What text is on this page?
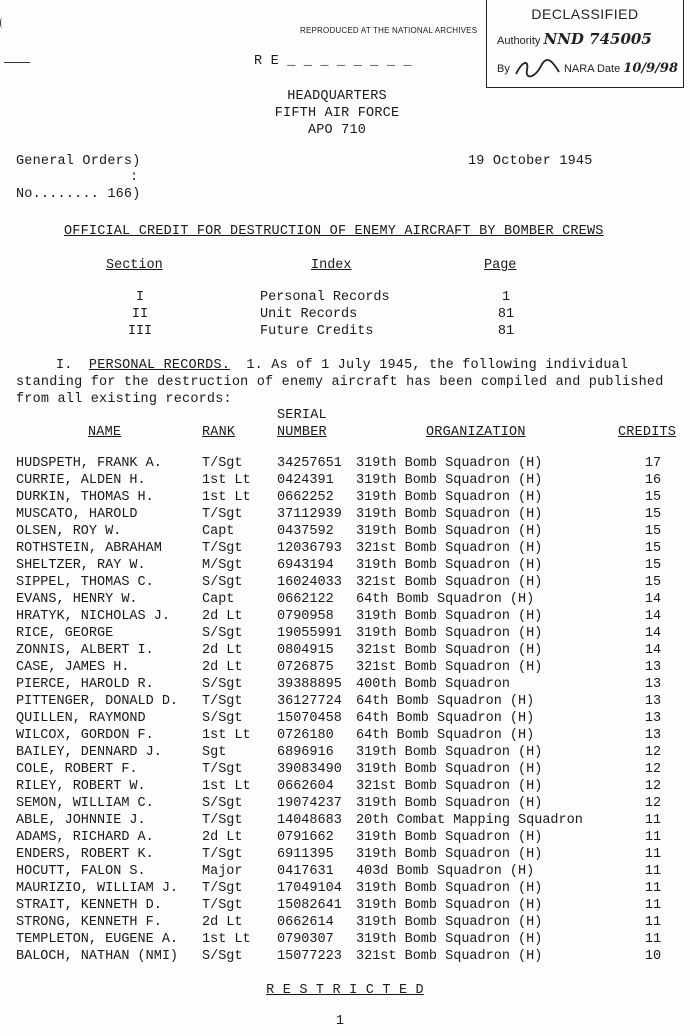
DECLASSIFIED
Authority NND 745005
By	NARA Date 10/9/98
REPRODUCED AT THE NATIONAL ARCHIVES
R E _ _ _ _ _ _ _ _
HEADQUARTERS
FIFTH AIR FORCE
APO 710
General Orders)
:
No........ 166)
19 October 1945
OFFICIAL CREDIT FOR DESTRUCTION OF ENEMY AIRCRAFT BY BOMBER CREWS
Section	Index	Page
I	Personal Records	1
II	Unit Records	81
III	Future Credits	81
I. PERSONAL RECORDS. 1. As of 1 July 1945, the following individual
standing for the destruction of enemy aircraft has been compiled and published
from all existing records:
SERIAL
NUMBER
NAME	RANK	ORGANIZATION	CREDITS
HUDSPETH, FRANK A.	T/Sgt	34257651 319th Bomb Squadron (H)	17
CURRIE, ALDEN H.	1st Lt 0424391 319th Bomb Squadron (H)	16
DURKIN, THOMAS H.	1st Lt 0662252 319th Bomb Squadron (H)	15
MUSCATO, HAROLD	T/Sgt	37112939 319th Bomb Squadron (H)	15
OLSEN, ROY W.	Capt	0437592 319th Bomb Squadron (H)	15
ROTHSTEIN, ABRAHAM	T/Sgt	12036793 321st Bomb Squadron (H)	15
SHELTZER, RAY W.	M/Sgt	6943194 319th Bomb Squadron (H)	15
SIPPEL, THOMAS C.	S/Sgt	16024033 321st Bomb Squadron (H)	15
EVANS, HENRY W.	Capt	0662122 64th Bomb Squadron (H)	14
HRATYK, NICHOLAS J. 2d Lt	0790958 319th Bomb Squadron (H)	14
RICE, GEORGE	S/Sgt	19055991 319th Bomb Squadron (H)	14
ZONNIS, ALBERT I.	2d Lt	0804915 321st Bomb Squadron (H)	14
CASE, JAMES H.	2d Lt	0726875 321st Bomb Squadron (H)	13
PIERCE, HAROLD R.	S/Sgt	39388895 400th Bomb Squadron	13
PITTENGER, DONALD D. T/Sgt	36127724 64th Bomb Squadron (H)	13
QUILLEN, RAYMOND	S/Sgt	15070458 64th Bomb Squadron (H)	13
WILCOX, GORDON F.	1st Lt 0726180 64th Bomb Squadron (H)	13
BAILEY, DENNARD J.	Sgt	6896916 319th Bomb Squadron (H)	12
COLE, ROBERT F.	T/Sgt	39083490 319th Bomb Squadron (H)	12
RILEY, ROBERT W.	1st Lt 0662604 321st Bomb Squadron (H)	12
SEMON, WILLIAM C.	S/Sgt	19074237 319th Bomb Squadron (H)	12
ABLE, JOHNNIE J.	T/Sgt	14048683 20th Combat Mapping Squadron	11
ADAMS, RICHARD A.	2d Lt	0791662 319th Bomb Squadron (H)	11
ENDERS, ROBERT K.	T/Sgt	6911395 319th Bomb Squadron (H)	11
HOCUTT, FALON S.	Major	0417631 403d Bomb Squadron (H)	11
MAURIZIO, WILLIAM J. T/Sgt	17049104 319th Bomb Squadron (H)	11
STRAIT, KENNETH D.	T/Sgt	15082641 319th Bomb Squadron (H)	11
STRONG, KENNETH F.	2d Lt	0662614 319th Bomb Squadron (H)	11
TEMPLETON, EUGENE A. 1st Lt 0790307 319th Bomb Squadron (H)	11
BALOCH, NATHAN (NMI) S/Sgt	15077223 321st Bomb Squadron (H)	10
R E S T R I C T E D
1
